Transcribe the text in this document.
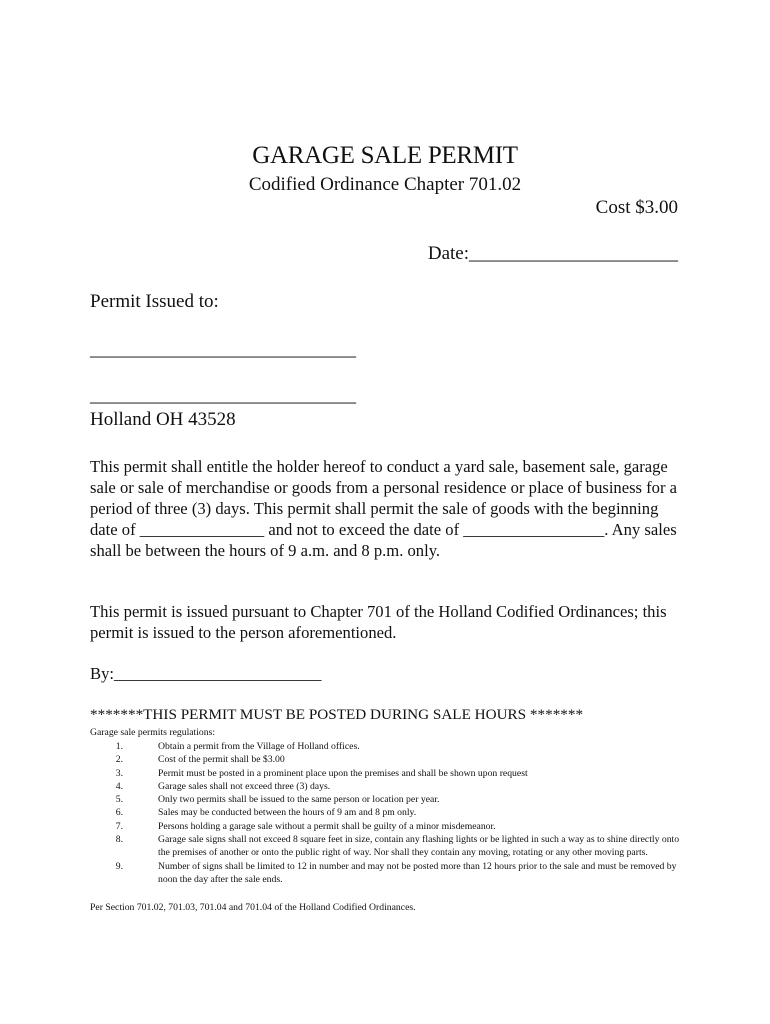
GARAGE SALE PERMIT
Codified Ordinance Chapter 701.02
Cost $3.00
Date:______________________
Permit Issued to:
____________________________
____________________________
Holland OH 43528

This permit shall entitle the holder hereof to conduct a yard sale, basement sale, garage sale or sale of merchandise or goods from a personal residence or place of business for a period of three (3) days. This permit shall permit the sale of goods with the beginning date of _______________ and not to exceed the date of _________________. Any sales shall be between the hours of 9 a.m. and 8 p.m. only.

This permit is issued pursuant to Chapter 701 of the Holland Codified Ordinances; this permit is issued to the person aforementioned.

By:_________________________
*******THIS PERMIT MUST BE POSTED DURING SALE HOURS *******
Garage sale permits regulations:
1.	Obtain a permit from the Village of Holland offices.
2.	Cost of the permit shall be $3.00
3.	Permit must be posted in a prominent place upon the premises and shall be shown upon request
4.	Garage sales shall not exceed three (3) days.
5.	Only two permits shall be issued to the same person or location per year.
6.	Sales may be conducted between the hours of 9 am and 8 pm only.
7.	Persons holding a garage sale without a permit shall be guilty of a minor misdemeanor.
8.	Garage sale signs shall not exceed 8 square feet in size, contain any flashing lights or be lighted in such a way as to shine directly onto the premises of another or onto the public right of way. Nor shall they contain any moving, rotating or any other moving parts.
9.	Number of signs shall be limited to 12 in number and may not be posted more than 12 hours prior to the sale and must be removed by noon the day after the sale ends.
Per Section 701.02, 701.03, 701.04 and 701.04 of the Holland Codified Ordinances.
